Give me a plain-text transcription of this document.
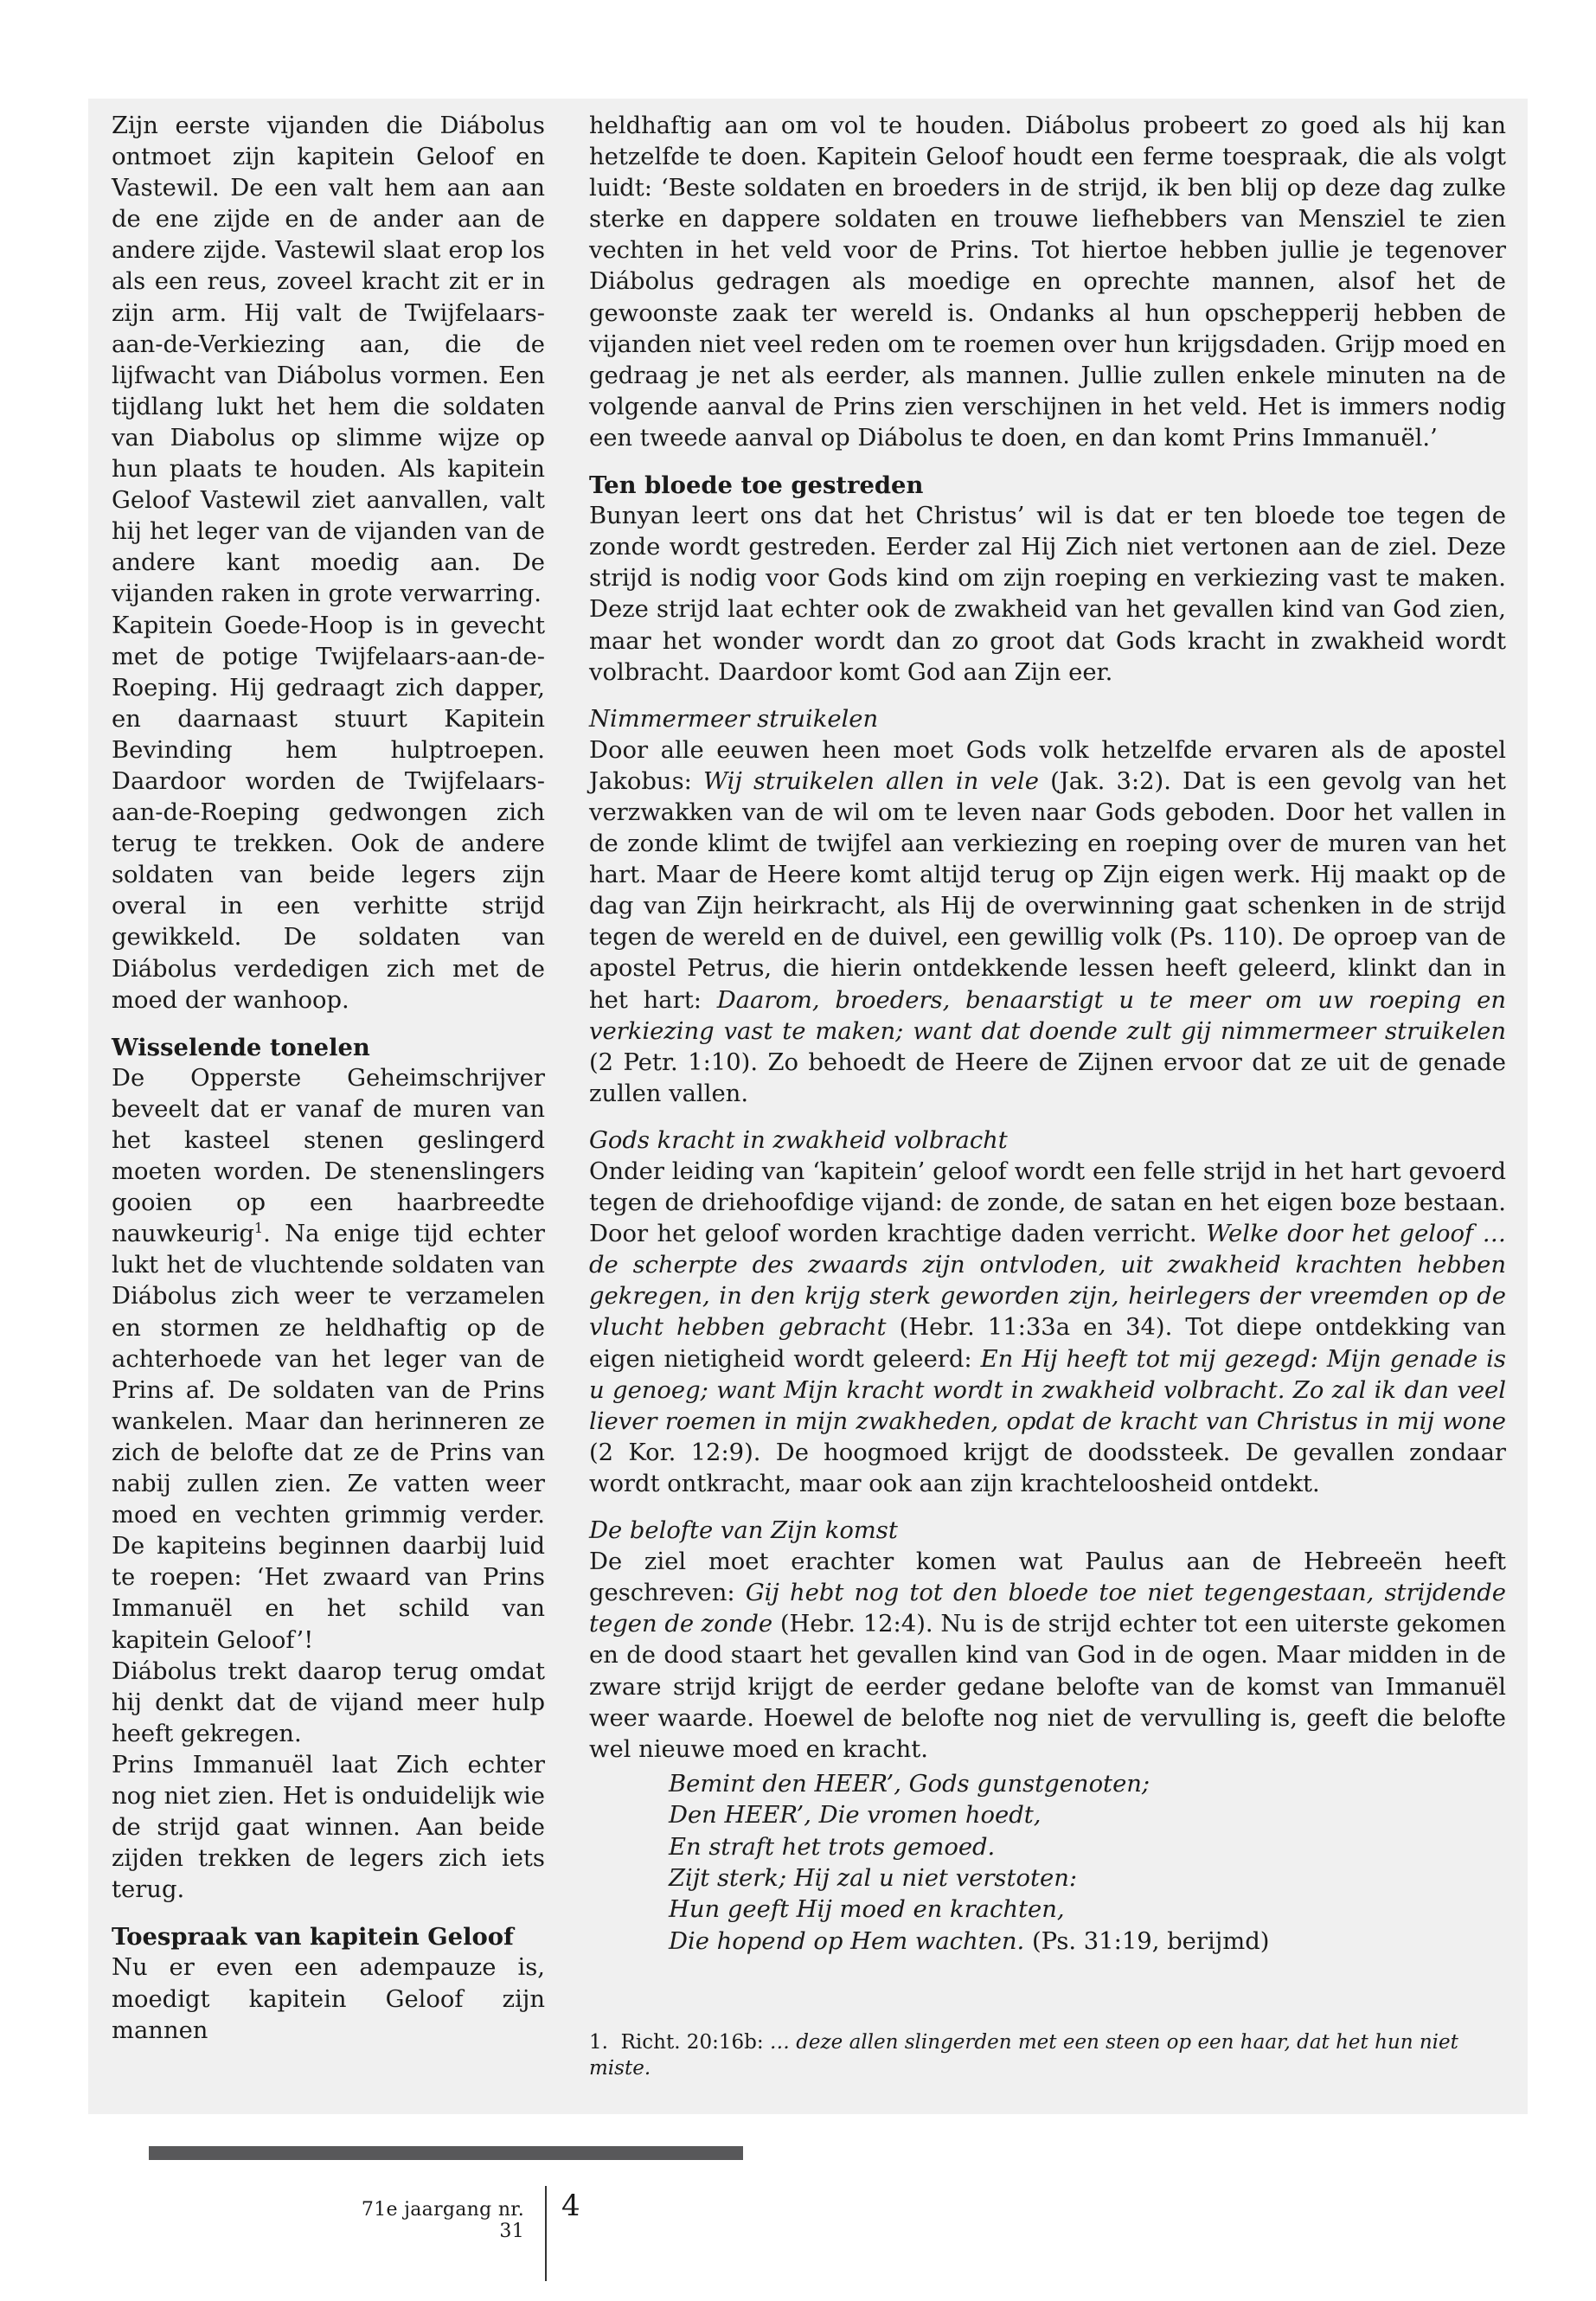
Zijn eerste vijanden die Diábolus ontmoet zijn kapitein Geloof en Vastewil. De een valt hem aan aan de ene zijde en de ander aan de andere zijde. Vastewil slaat erop los als een reus, zoveel kracht zit er in zijn arm. Hij valt de Twijfelaars-aan-de-Verkiezing aan, die de lijfwacht van Diábolus vormen. Een tijdlang lukt het hem die soldaten van Diabolus op slimme wijze op hun plaats te houden. Als kapitein Geloof Vastewil ziet aanvallen, valt hij het leger van de vijanden van de andere kant moedig aan. De vijanden raken in grote verwarring.

Kapitein Goede-Hoop is in gevecht met de potige Twijfelaars-aan-de-Roeping. Hij gedraagt zich dapper, en daarnaast stuurt Kapitein Bevinding hem hulptroepen. Daardoor worden de Twijfelaars-aan-de-Roeping gedwongen zich terug te trekken. Ook de andere soldaten van beide legers zijn overal in een verhitte strijd gewikkeld. De soldaten van Diábolus verdedigen zich met de moed der wanhoop.

Wisselende tonelen

De Opperste Geheimschrijver beveelt dat er vanaf de muren van het kasteel stenen geslingerd moeten worden. De stenenslingers gooien op een haarbreedte nauwkeurig$^1$. Na enige tijd echter lukt het de vluchtende soldaten van Diábolus zich weer te verzamelen en stormen ze heldhaftig op de achterhoede van het leger van de Prins af. De soldaten van de Prins wankelen. Maar dan herinneren ze zich de belofte dat ze de Prins van nabij zullen zien. Ze vatten weer moed en vechten grimmig verder. De kapiteins beginnen daarbij luid te roepen: ‘Het zwaard van Prins Immanuël en het schild van kapitein Geloof’!

Diábolus trekt daarop terug omdat hij denkt dat de vijand meer hulp heeft gekregen.

Prins Immanuël laat Zich echter nog niet zien. Het is onduidelijk wie de strijd gaat winnen. Aan beide zijden trekken de legers zich iets terug.

Toespraak van kapitein Geloof

Nu er even een adempauze is, moedigt kapitein Geloof zijn mannen

heldhaftig aan om vol te houden. Diábolus probeert zo goed als hij kan hetzelfde te doen. Kapitein Geloof houdt een ferme toespraak, die als volgt luidt: ‘Beste soldaten en broeders in de strijd, ik ben blij op deze dag zulke sterke en dappere soldaten en trouwe liefhebbers van Mensziel te zien vechten in het veld voor de Prins. Tot hiertoe hebben jullie je tegenover Diábolus gedragen als moedige en oprechte mannen, alsof het de gewoonste zaak ter wereld is. Ondanks al hun opschepperij hebben de vijanden niet veel reden om te roemen over hun krijgsdaden. Grijp moed en gedraag je net als eerder, als mannen. Jullie zullen enkele minuten na de volgende aanval de Prins zien verschijnen in het veld. Het is immers nodig een tweede aanval op Diábolus te doen, en dan komt Prins Immanuël.’

Ten bloede toe gestreden

Bunyan leert ons dat het Christus’ wil is dat er ten bloede toe tegen de zonde wordt gestreden. Eerder zal Hij Zich niet vertonen aan de ziel. Deze strijd is nodig voor Gods kind om zijn roeping en verkiezing vast te maken. Deze strijd laat echter ook de zwakheid van het gevallen kind van God zien, maar het wonder wordt dan zo groot dat Gods kracht in zwakheid wordt volbracht. Daardoor komt God aan Zijn eer.

Nimmermeer struikelen

Door alle eeuwen heen moet Gods volk hetzelfde ervaren als de apostel Jakobus: Wij struikelen allen in vele (Jak. 3:2). Dat is een gevolg van het verzwakken van de wil om te leven naar Gods geboden. Door het vallen in de zonde klimt de twijfel aan verkiezing en roeping over de muren van het hart. Maar de Heere komt altijd terug op Zijn eigen werk. Hij maakt op de dag van Zijn heirkracht, als Hij de overwinning gaat schenken in de strijd tegen de wereld en de duivel, een gewillig volk (Ps. 110). De oproep van de apostel Petrus, die hierin ontdekkende lessen heeft geleerd, klinkt dan in het hart: Daarom, broeders, benaarstigt u te meer om uw roeping en verkiezing vast te maken; want dat doende zult gij nimmermeer struikelen (2 Petr. 1:10). Zo behoedt de Heere de Zijnen ervoor dat ze uit de genade zullen vallen.

Gods kracht in zwakheid volbracht

Onder leiding van ‘kapitein’ geloof wordt een felle strijd in het hart gevoerd tegen de driehoofdige vijand: de zonde, de satan en het eigen boze bestaan. Door het geloof worden krachtige daden verricht. Welke door het geloof … de scherpte des zwaards zijn ontvloden, uit zwakheid krachten hebben gekregen, in den krijg sterk geworden zijn, heirlegers der vreemden op de vlucht hebben gebracht (Hebr. 11:33a en 34). Tot diepe ontdekking van eigen nietigheid wordt geleerd: En Hij heeft tot mij gezegd: Mijn genade is u genoeg; want Mijn kracht wordt in zwakheid volbracht. Zo zal ik dan veel liever roemen in mijn zwakheden, opdat de kracht van Christus in mij wone (2 Kor. 12:9). De hoogmoed krijgt de doodssteek. De gevallen zondaar wordt ontkracht, maar ook aan zijn krachteloosheid ontdekt.

De belofte van Zijn komst

De ziel moet erachter komen wat Paulus aan de Hebreeën heeft geschreven: Gij hebt nog tot den bloede toe niet tegengestaan, strijdende tegen de zonde (Hebr. 12:4). Nu is de strijd echter tot een uiterste gekomen en de dood staart het gevallen kind van God in de ogen. Maar midden in de zware strijd krijgt de eerder gedane belofte van de komst van Immanuël weer waarde. Hoewel de belofte nog niet de vervulling is, geeft die belofte wel nieuwe moed en kracht.

Bemint den HEER’, Gods gunstgenoten;
Den HEER’, Die vromen hoedt,
En straft het trots gemoed.
Zijt sterk; Hij zal u niet verstoten:
Hun geeft Hij moed en krachten,
Die hopend op Hem wachten. (Ps. 31:19, berijmd)
1. Richt. 20:16b: … deze allen slingerden met een steen op een haar, dat het hun niet miste.
71e jaargang nr. 31
4
